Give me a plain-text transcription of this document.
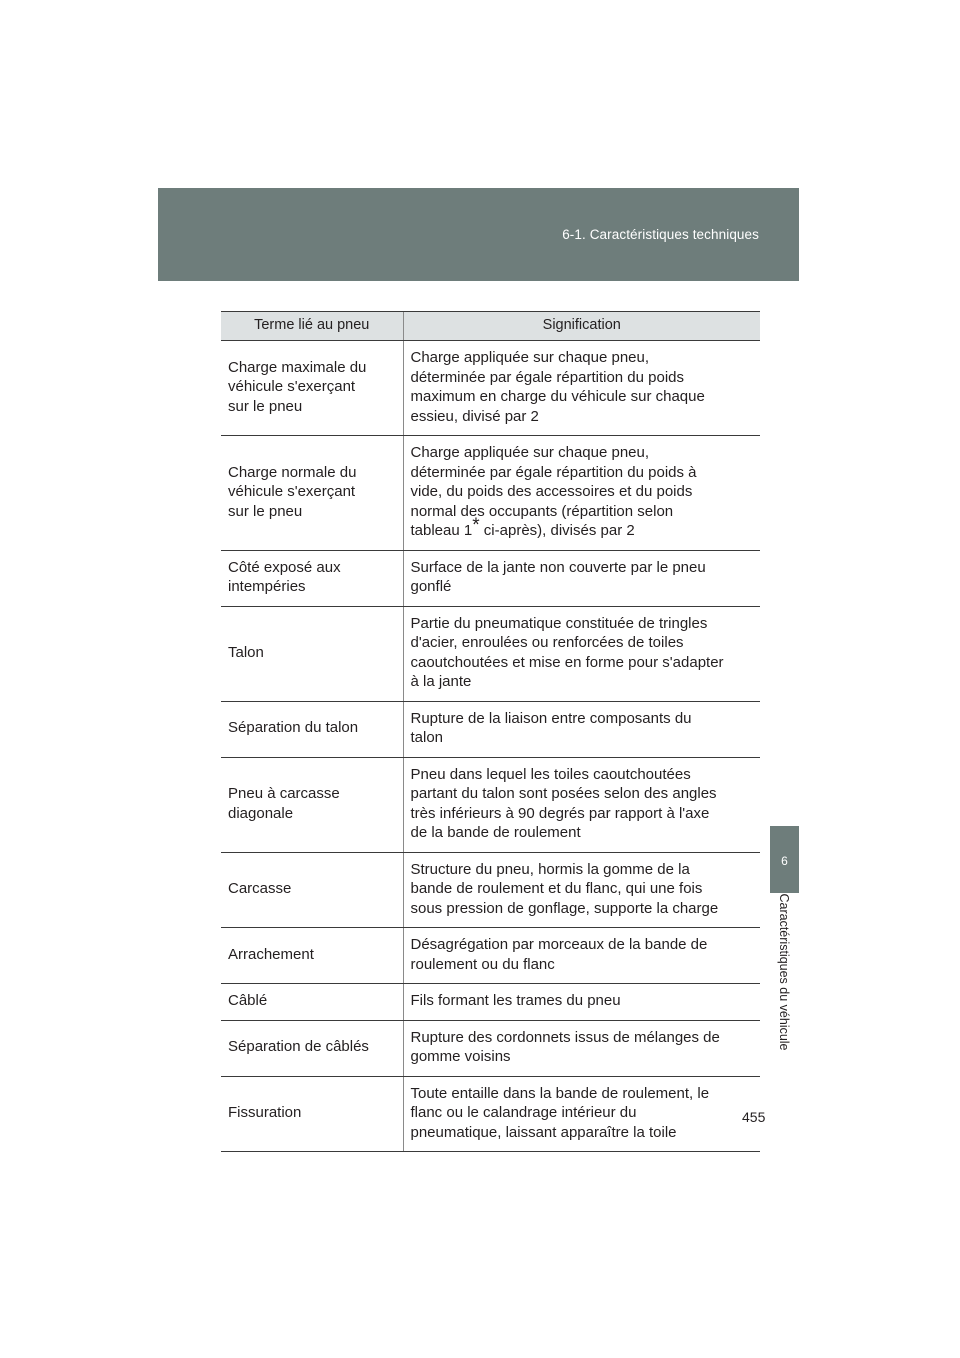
6-1. Caractéristiques techniques
Terme lié au pneu	Signification

Charge maximale du
véhicule s'exerçant
sur le pneu	Charge appliquée sur chaque pneu,
déterminée par égale répartition du poids
maximum en charge du véhicule sur chaque
essieu, divisé par 2

Charge normale du
véhicule s'exerçant
sur le pneu	Charge appliquée sur chaque pneu,
déterminée par égale répartition du poids à
vide, du poids des accessoires et du poids
normal des occupants (répartition selon
tableau 1* ci-après), divisés par 2

Côté exposé aux
intempéries	Surface de la jante non couverte par le pneu
gonflé

Talon	Partie du pneumatique constituée de tringles
d'acier, enroulées ou renforcées de toiles
caoutchoutées et mise en forme pour s'adapter
à la jante

Séparation du talon	Rupture de la liaison entre composants du
talon

Pneu à carcasse
diagonale	Pneu dans lequel les toiles caoutchoutées
partant du talon sont posées selon des angles
très inférieurs à 90 degrés par rapport à l'axe
de la bande de roulement

Carcasse	Structure du pneu, hormis la gomme de la
bande de roulement et du flanc, qui une fois
sous pression de gonflage, supporte la charge

Arrachement	Désagrégation par morceaux de la bande de
roulement ou du flanc

Câblé	Fils formant les trames du pneu

Séparation de câblés	Rupture des cordonnets issus de mélanges de
gomme voisins

Fissuration	Toute entaille dans la bande de roulement, le
flanc ou le calandrage intérieur du
pneumatique, laissant apparaître la toile
6
Caractéristiques du véhicule
455
